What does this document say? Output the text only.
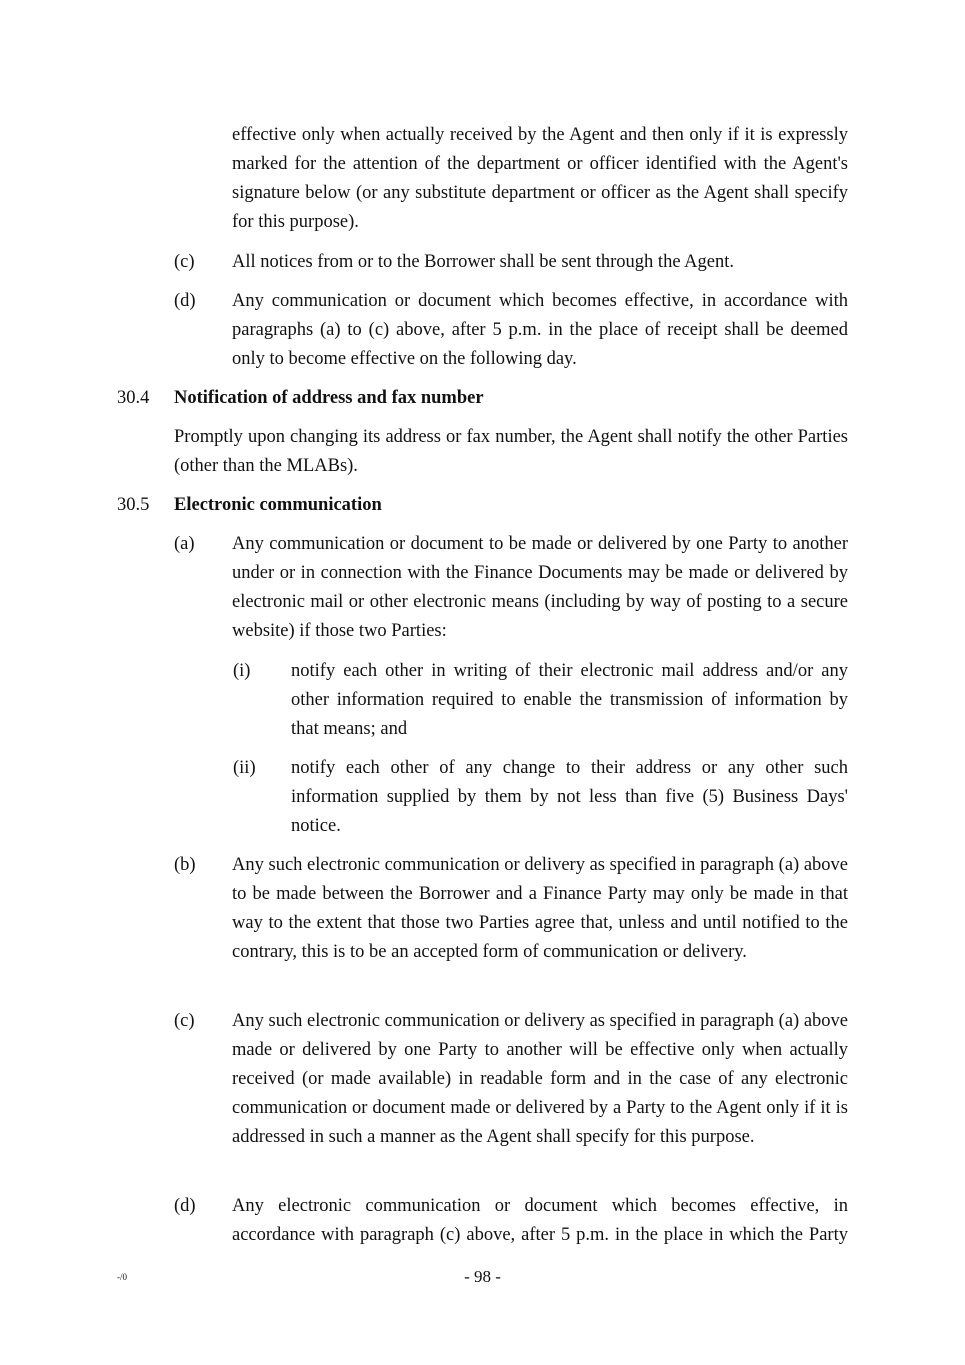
effective only when actually received by the Agent and then only if it is expressly marked for the attention of the department or officer identified with the Agent's signature below (or any substitute department or officer as the Agent shall specify for this purpose).

(c) All notices from or to the Borrower shall be sent through the Agent.

(d) Any communication or document which becomes effective, in accordance with paragraphs (a) to (c) above, after 5 p.m. in the place of receipt shall be deemed only to become effective on the following day.

30.4 Notification of address and fax number

Promptly upon changing its address or fax number, the Agent shall notify the other Parties (other than the MLABs).

30.5 Electronic communication
(a) Any communication or document to be made or delivered by one Party to another under or in connection with the Finance Documents may be made or delivered by electronic mail or other electronic means (including by way of posting to a secure website) if those two Parties:

(i) notify each other in writing of their electronic mail address and/or any other information required to enable the transmission of information by that means; and

(ii) notify each other of any change to their address or any other such information supplied by them by not less than five (5) Business Days' notice.

(b) Any such electronic communication or delivery as specified in paragraph (a) above to be made between the Borrower and a Finance Party may only be made in that way to the extent that those two Parties agree that, unless and until notified to the contrary, this is to be an accepted form of communication or delivery.

(c) Any such electronic communication or delivery as specified in paragraph (a) above made or delivered by one Party to another will be effective only when actually received (or made available) in readable form and in the case of any electronic communication or document made or delivered by a Party to the Agent only if it is addressed in such a manner as the Agent shall specify for this purpose.

(d) Any electronic communication or document which becomes effective, in accordance with paragraph (c) above, after 5 p.m. in the place in which the Party

-/0	- 98 -
